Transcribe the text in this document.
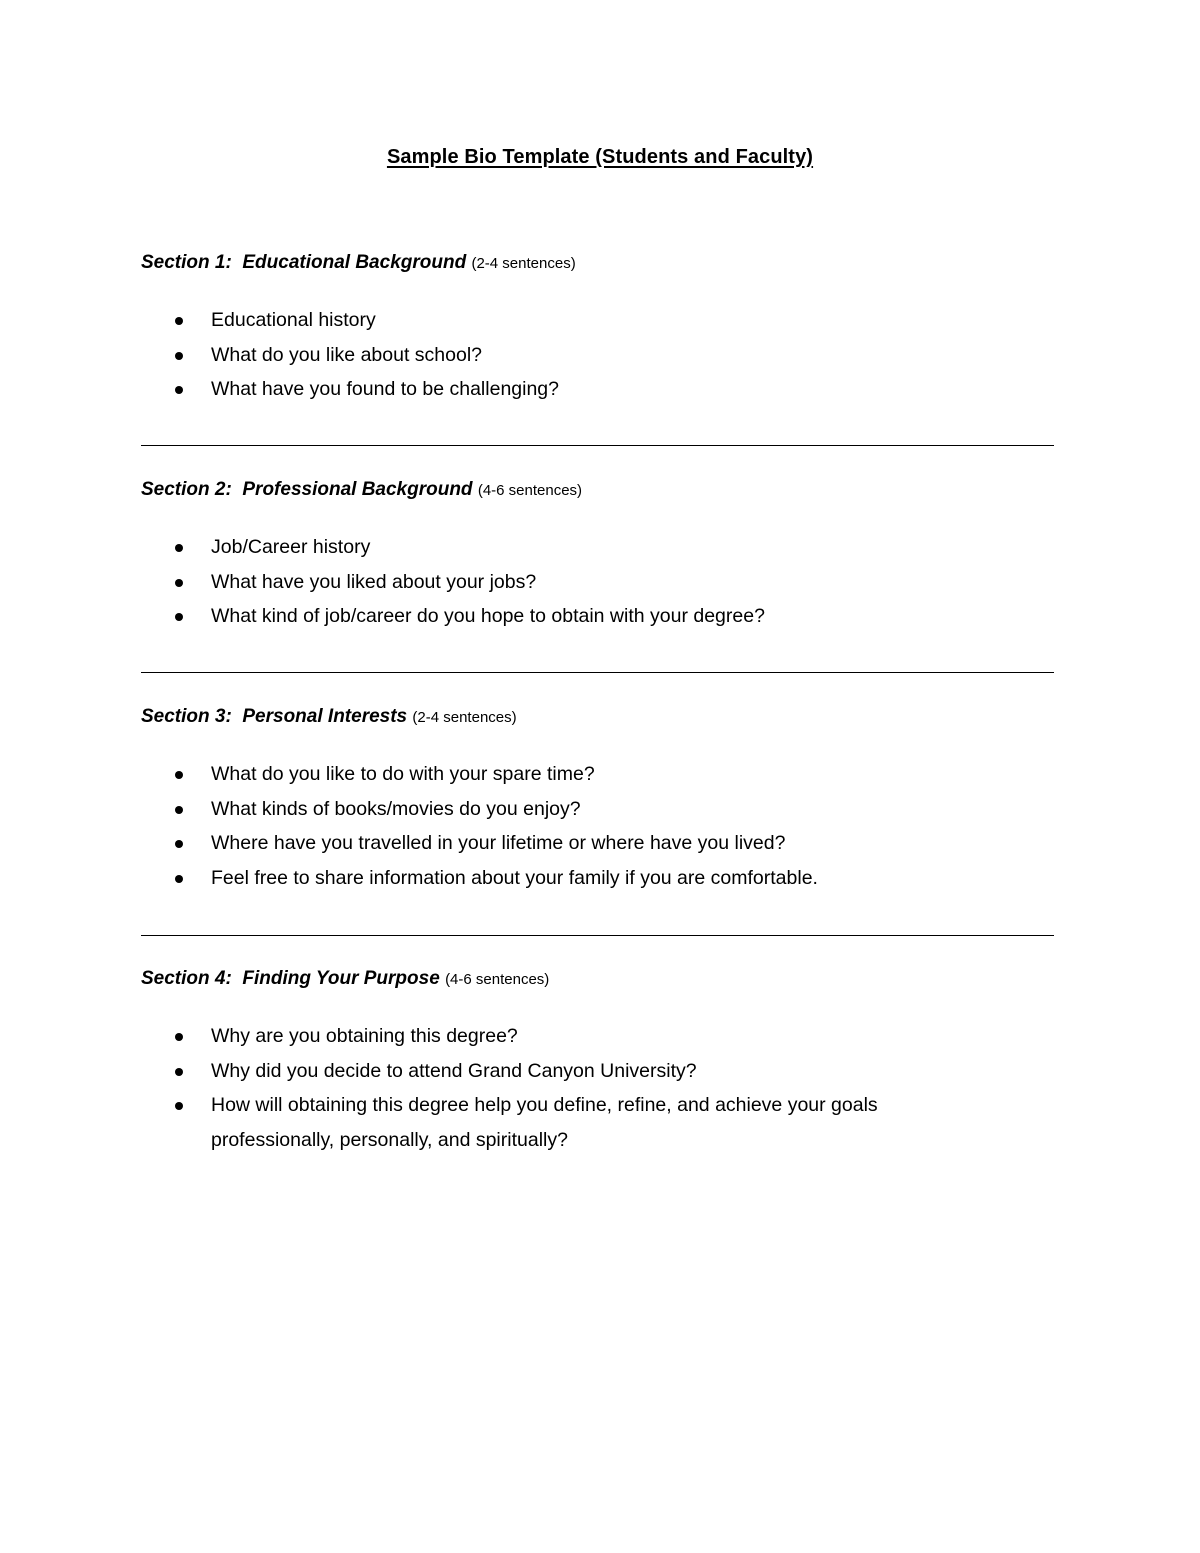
Sample Bio Template (Students and Faculty)
Section 1: Educational Background (2-4 sentences)
Educational history
What do you like about school?
What have you found to be challenging?
Section 2: Professional Background (4-6 sentences)
Job/Career history
What have you liked about your jobs?
What kind of job/career do you hope to obtain with your degree?
Section 3: Personal Interests (2-4 sentences)
What do you like to do with your spare time?
What kinds of books/movies do you enjoy?
Where have you travelled in your lifetime or where have you lived?
Feel free to share information about your family if you are comfortable.
Section 4: Finding Your Purpose (4-6 sentences)
Why are you obtaining this degree?
Why did you decide to attend Grand Canyon University?
How will obtaining this degree help you define, refine, and achieve your goals professionally, personally, and spiritually?
